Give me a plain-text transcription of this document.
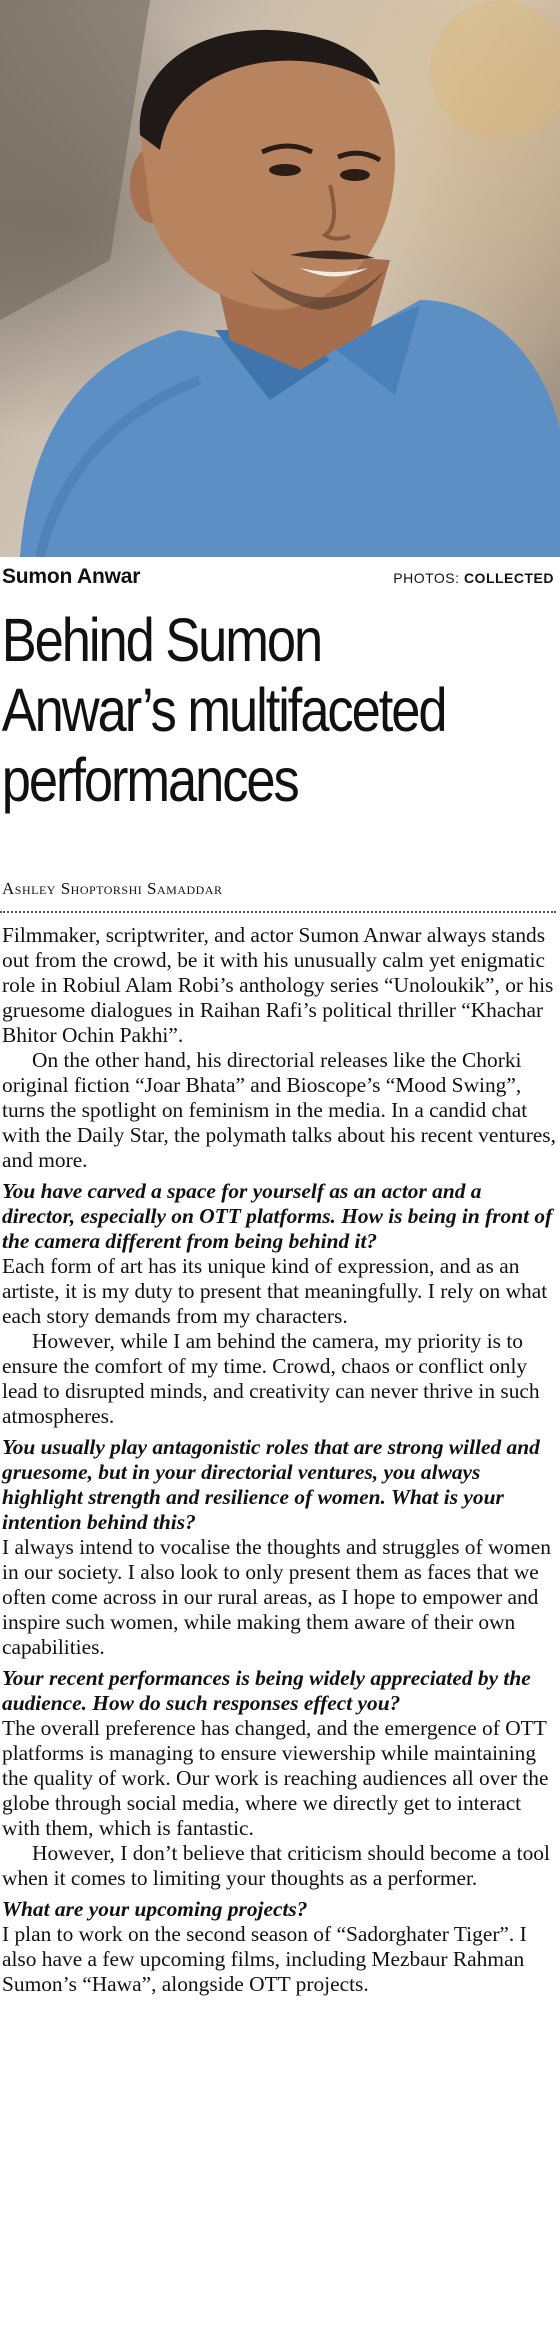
Sumon Anwar	PHOTOS: COLLECTED
Behind Sumon
Anwar’s multifaceted
performances
Ashley Shoptorshi Samaddar

Filmmaker, scriptwriter, and actor Sumon Anwar always stands out from the crowd, be it with his unusually calm yet enigmatic role in Robiul Alam Robi’s anthology series “Unoloukik”, or his gruesome dialogues in Raihan Rafi’s political thriller “Khachar Bhitor Ochin Pakhi”.

On the other hand, his directorial releases like the Chorki original fiction “Joar Bhata” and Bioscope’s “Mood Swing”, turns the spotlight on feminism in the media. In a candid chat with the Daily Star, the polymath talks about his recent ventures, and more.

You have carved a space for yourself as an actor and a director, especially on OTT platforms. How is being in front of the camera different from being behind it?

Each form of art has its unique kind of expression, and as an artiste, it is my duty to present that meaningfully. I rely on what each story demands from my characters.

However, while I am behind the camera, my priority is to ensure the comfort of my time. Crowd, chaos or conflict only lead to disrupted minds, and creativity can never thrive in such atmospheres.

You usually play antagonistic roles that are strong willed and gruesome, but in your directorial ventures, you always highlight strength and resilience of women. What is your intention behind this?

I always intend to vocalise the thoughts and struggles of women in our society. I also look to only present them as faces that we often come across in our rural areas, as I hope to empower and inspire such women, while making them aware of their own capabilities.

Your recent performances is being widely appreciated by the audience. How do such responses effect you?

The overall preference has changed, and the emergence of OTT platforms is managing to ensure viewership while maintaining the quality of work. Our work is reaching audiences all over the globe through social media, where we directly get to interact with them, which is fantastic.

However, I don’t believe that criticism should become a tool when it comes to limiting your thoughts as a performer.

What are your upcoming projects?

I plan to work on the second season of “Sadorghater Tiger”. I also have a few upcoming films, including Mezbaur Rahman Sumon’s “Hawa”, alongside OTT projects.
